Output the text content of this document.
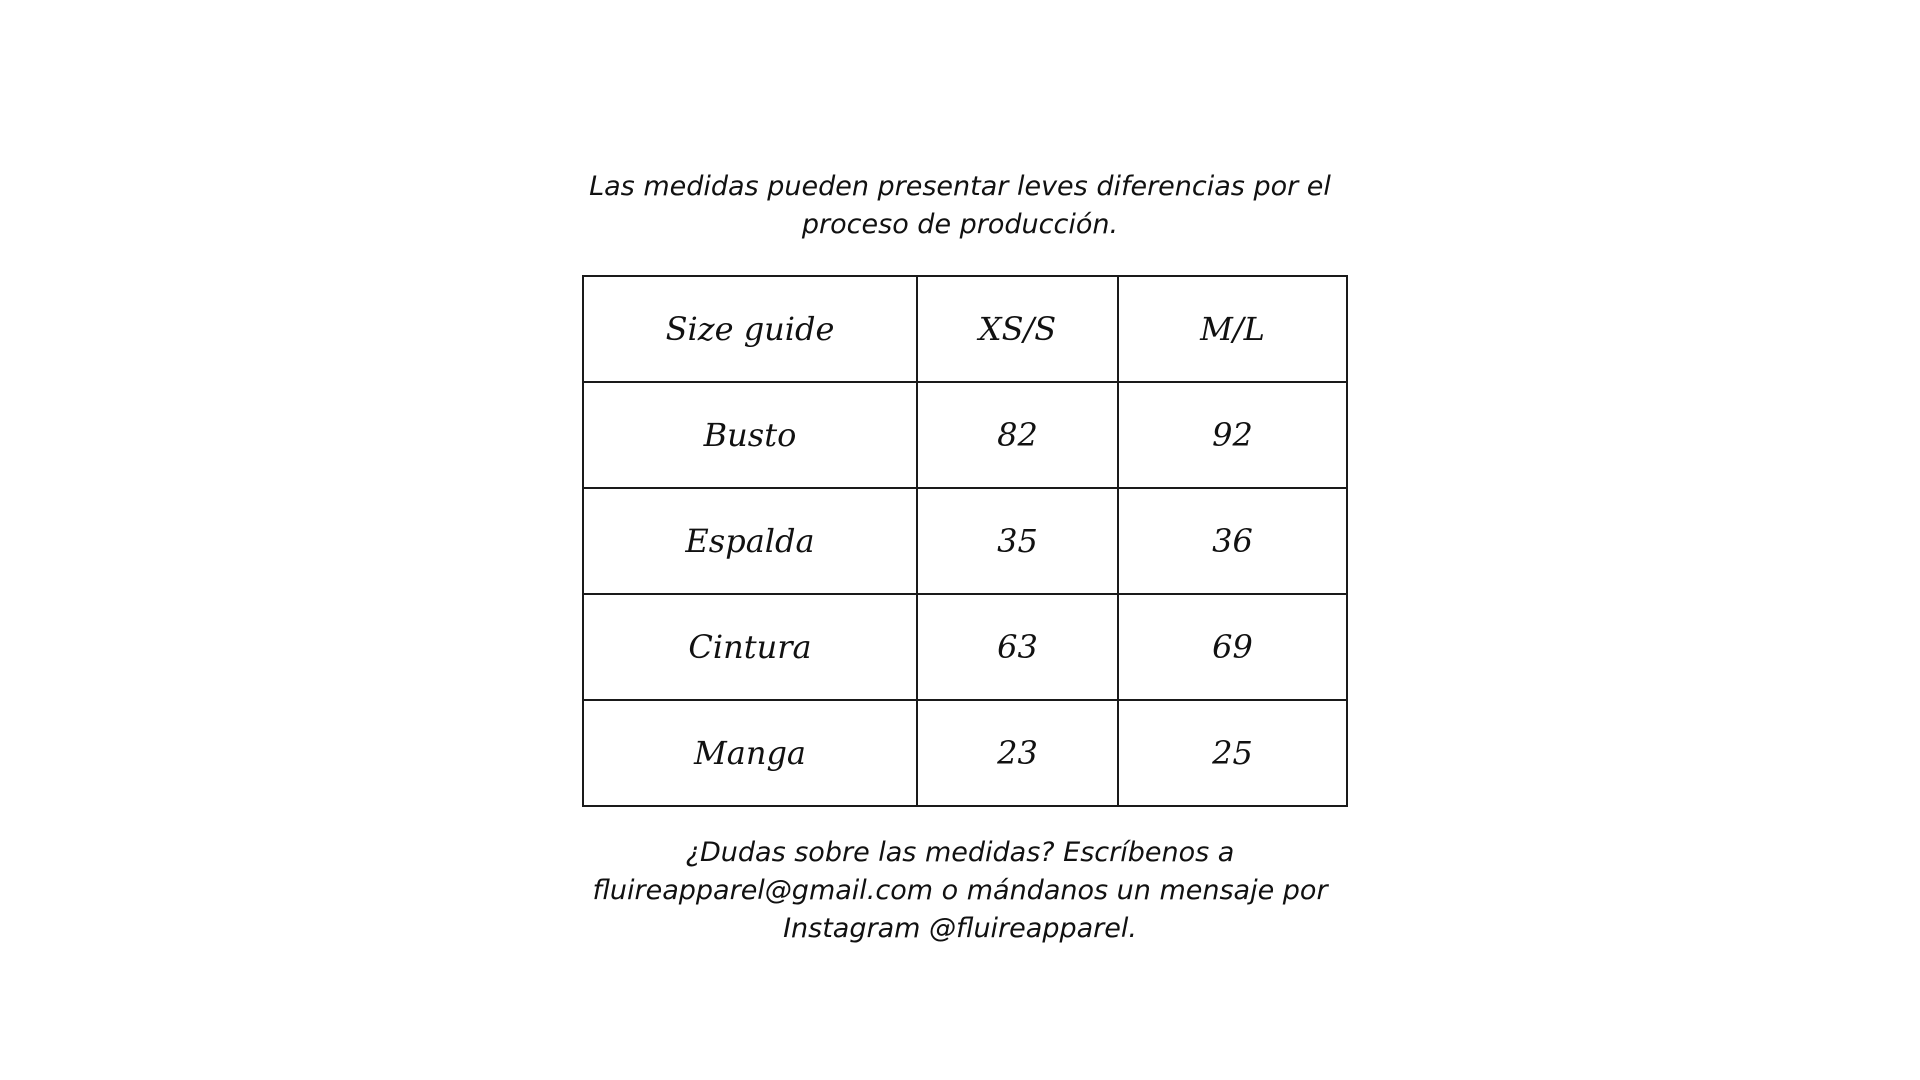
Las medidas pueden presentar leves diferencias por el
proceso de producción.
Size guide	XS/S	M/L
Busto	82	92
Espalda	35	36
Cintura	63	69
Manga	23	25
¿Dudas sobre las medidas? Escríbenos a
fluireapparel@gmail.com o mándanos un mensaje por
Instagram @fluireapparel.
